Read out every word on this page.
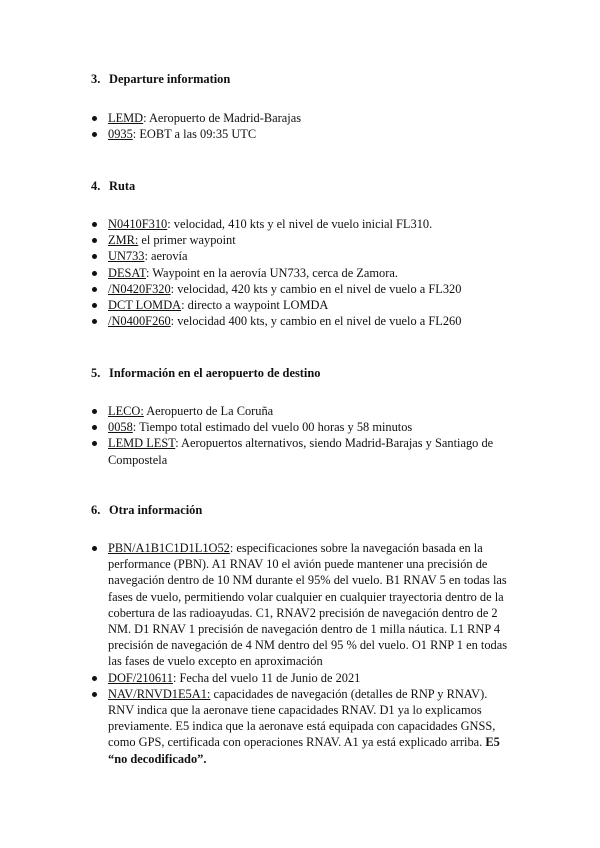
3. Departure information
LEMD: Aeropuerto de Madrid-Barajas
0935: EOBT a las 09:35 UTC
4. Ruta
N0410F310: velocidad, 410 kts y el nivel de vuelo inicial FL310.
ZMR: el primer waypoint
UN733: aerovía
DESAT: Waypoint en la aerovía UN733, cerca de Zamora.
/N0420F320: velocidad, 420 kts y cambio en el nivel de vuelo a FL320
DCT LOMDA: directo a waypoint LOMDA
/N0400F260: velocidad 400 kts, y cambio en el nivel de vuelo a FL260
5. Información en el aeropuerto de destino
LECO: Aeropuerto de La Coruña
0058: Tiempo total estimado del vuelo 00 horas y 58 minutos
LEMD LEST: Aeropuertos alternativos, siendo Madrid-Barajas y Santiago de Compostela
6. Otra información
PBN/A1B1C1D1L1O52: especificaciones sobre la navegación basada en la performance (PBN). A1 RNAV 10 el avión puede mantener una precisión de navegación dentro de 10 NM durante el 95% del vuelo. B1 RNAV 5 en todas las fases de vuelo, permitiendo volar cualquier en cualquier trayectoria dentro de la cobertura de las radioayudas. C1, RNAV2 precisión de navegación dentro de 2 NM. D1 RNAV 1 precisión de navegación dentro de 1 milla náutica. L1 RNP 4 precisión de navegación de 4 NM dentro del 95 % del vuelo. O1 RNP 1 en todas las fases de vuelo excepto en aproximación
DOF/210611: Fecha del vuelo 11 de Junio de 2021
NAV/RNVD1E5A1: capacidades de navegación (detalles de RNP y RNAV). RNV indica que la aeronave tiene capacidades RNAV. D1 ya lo explicamos previamente. E5 indica que la aeronave está equipada con capacidades GNSS, como GPS, certificada con operaciones RNAV. A1 ya está explicado arriba. E5 “no decodificado”.
